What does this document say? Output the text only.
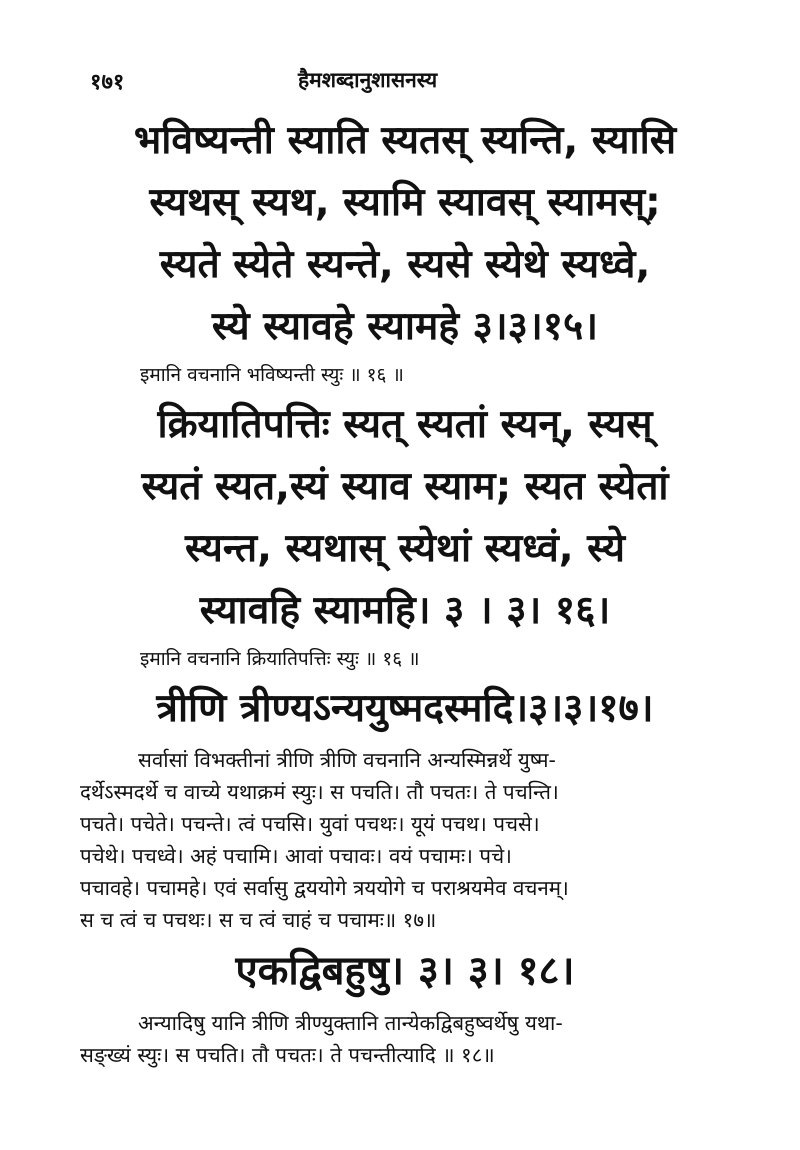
१७१	हैमशब्दानुशासनस्य
भविष्यन्ती स्याति स्यतस् स्यन्ति, स्यासि
स्यथस् स्यथ, स्यामि स्यावस् स्यामस्;
स्यते स्येते स्यन्ते, स्यसे स्येथे स्यध्वे,
स्ये स्यावहे स्यामहे ३।३।१५।
इमानि वचनानि भविष्यन्ती स्युः ॥ १६ ॥
क्रियातिपत्तिः स्यत् स्यतां स्यन्, स्यस्
स्यतं स्यत,स्यं स्याव स्याम; स्यत स्येतां
स्यन्त, स्यथास् स्येथां स्यध्वं, स्ये
स्यावहि स्यामहि। ३ । ३। १६।
इमानि वचनानि क्रियातिपत्तिः स्युः ॥ १६ ॥
त्रीणि त्रीण्यऽन्ययुष्मदस्मदि।३।३।१७।
सर्वासां विभक्तीनां त्रीणि त्रीणि वचनानि अन्यस्मिन्नर्थे युष्म-
दर्थेऽस्मदर्थे च वाच्ये यथाक्रमं स्युः। स पचति। तौ पचतः। ते पचन्ति।
पचते। पचेते। पचन्ते। त्वं पचसि। युवां पचथः। यूयं पचथ। पचसे।
पचेथे। पचध्वे। अहं पचामि। आवां पचावः। वयं पचामः। पचे।
पचावहे। पचामहे। एवं सर्वासु द्वययोगे त्रययोगे च पराश्रयमेव वचनम्।
स च त्वं च पचथः। स च त्वं चाहं च पचामः॥ १७॥
एकद्विबहुषु। ३। ३। १८।
अन्यादिषु यानि त्रीणि त्रीण्युक्तानि तान्येकद्विबहुष्वर्थेषु यथा-
सङ्ख्यं स्युः। स पचति। तौ पचतः। ते पचन्तीत्यादि ॥ १८॥
